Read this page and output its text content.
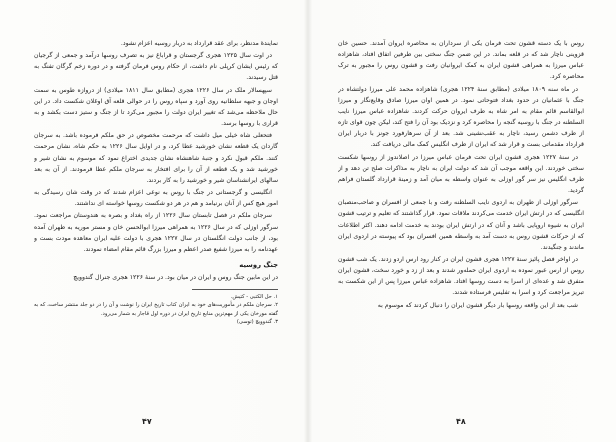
نمایندۀ مدنظر، برای عقد قرارداد به دربار روسیه اعزام نشود.

در اوت سال ۱۲۲۵ هجری گرجستان و قراباغ نیز به تصرف روسها درآمد و جمعی از گرجیان که رئیس ایشان کرپلی نام داشت، از حکام روس فرمان گرفته و در دوره زخم گرگان تفنگ به قتل رسیدند.

سپهسالار ملک در سال ۱۲۲۶ هجری (مطابق سال ۱۸۱۱ میلادی) از دروازه طوس به سمت اوجان و جبهه سلطانیه روی آورد و سپاه روس را در حوالی قلعه آق اوغلان شکست داد. در این حال ملاحظه می‌شد که تغییر ایران دولت را مجبور می‌کرد تا از جنگ و ستیز دست بکشد و به قراری با روسها برسد.

فتحعلی شاه خیلی میل داشت که مرحمت مخصوص در حق ملکم فرموده باشد. به سرجان گاردان یک قطعه نشان خورشید عطا کرد، و در اوایل سال ۱۲۲۶ به حکم شاه، نشان مرحمت کنند. ملکم قبول نکرد و جنبهٔ شاهنشاه نشان جدیدی اختراع نمود که موسوم به نشان شیر و خورشید شد و یک قطعه از آن را برای افتخار به سرجان ملکم عطا فرمودند. از آن به بعد سالهای ایرانشناسان شیر و خورشید را به کار بردند.

انگلیسی و گرجستانی در جنگ با روس به نوعی اعزام شدند که در وقت شان رسیدگی به امور هیچ کس از آنان برنیامد و هم در هر دو شکست روسها خواسته ای نداشتند.

سرجان ملکم در فصل تابستان سال ۱۲۲۶ از راه بغداد و بصره به هندوستان مراجعت نمود. سرگور اوزلی که در سال ۱۲۲۶ به همراهی میرزا ابوالحسن خان و مستر موریه به طهران آمده بود، از جانب دولت انگلستان در سال ۱۲۲۷ هجری با دولت علیه ایران معاهده مودت بست و عهدنامه را به میرزا شفیع صدر اعظم و میرزا بزرگ قائم مقام امضاء نمودند.

جنگ روسیه

در این مابین جنگ روس و ایران در میان بود. در سنهٔ ۱۲۲۶ هجری جنرال گندوویچ

۱. حل الکتبی - کتیش.
۲. سرجان ملکم در مأموریت‌های خود به ایران کتاب تاریخ ایران را نوشت و آن را در دو جلد منتشر ساخت، که به گفته مورخان یکی از مهم‌ترین منابع تاریخ ایران در دوره اول قاجار به شمار می‌رود.
۳. گندوویچ (توسی)
۴۷

روس با یک دسته قشون تحت فرمان یکی از سرداران به محاصره ایروان آمدند. حسین خان قزوینی ناچار شد که در قلعه بماند. در این ضمن جنگ سختی بین طرفین اتفاق افتاد، شاهزاده عباس میرزا به همراهی قشون ایران به کمک ایروانیان رفت و قشون روس را مجبور به ترک محاصره کرد.

در ماه سنه ۱۸۰۹ میلادی (مطابق سنهٔ ۱۲۲۴ هجری) شاهزاده محمد علی میرزا دولتشاه در جنگ با عثمانیان در حدود بغداد فتوحاتی نمود. در همین اوان میرزا صادق وقایع‌نگار و میرزا ابوالقاسم قائم مقام به امر شاه به طرف ایروان حرکت کردند. شاهزاده عباس میرزا نایب السلطنه در جنگ با روسیه گنجه را محاصره کرد و نزدیک بود آن را فتح کند، لیکن چون قوای تازه از طرف دشمن رسید، ناچار به عقب‌نشینی شد. بعد از آن سرهارفورد جونز با دربار ایران قرارداد مقدماتی بست و قرار شد که ایران از طرف انگلیس کمک مالی دریافت کند.

در سنهٔ ۱۲۲۷ هجری قشون ایران تحت فرمان عباس میرزا در اصلاندوز از روسها شکست سختی خوردند. این واقعه موجب آن شد که دولت ایران به ناچار به مذاکرات صلح تن دهد و از طرف انگلیس نیز سر گور اوزلی به عنوان واسطه به میان آمد و زمینهٔ قرارداد گلستان فراهم گردید.

سرگور اوزلی از طهران به اردوی نایب السلطنه رفت و با جمعی از افسران و صاحب‌منصبان انگلیسی که در ارتش ایران خدمت می‌کردند ملاقات نمود. قرار گذاشتند که تعلیم و ترتیب قشون ایران به شیوه اروپایی باشد و آنان که در ارتش ایران بودند به خدمت ادامه دهند. اکثر اطلاعات که از حرکات قشون روس به دست آمد به واسطه همین افسران بود که پیوسته در اردوی ایران ماندند و جنگیدند.

در اواخر فصل پائیز سنهٔ ۱۲۲۷ هجری قشون ایران در کنار رود ارس اردو زدند. یک شب قشون روس از ارس عبور نموده به اردوی ایران حمله‌ور شدند و بعد از زد و خورد سخت، قشون ایران متفرق شد و عده‌ای از اسرا به دست روسها افتاد. شاهزاده عباس میرزا پس از این شکست به تبریز مراجعت کرد و اسرا به تفلیس فرستاده شدند.

شب بعد از این واقعه روسها بار دیگر قشون ایران را دنبال کردند که موسوم به

۴۸
